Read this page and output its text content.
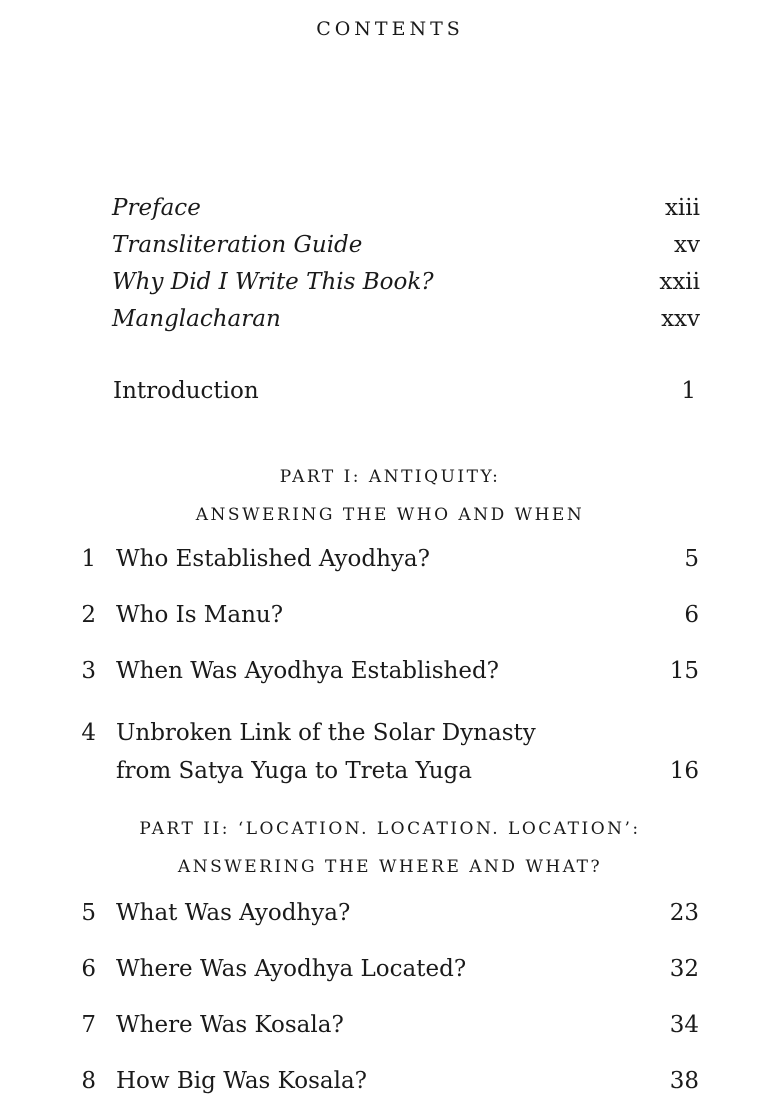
CONTENTS
Preface	xiii
Transliteration Guide	xv
Why Did I Write This Book?	xxii
Manglacharan	xxv
Introduction	1
PART I: ANTIQUITY:
ANSWERING THE WHO AND WHEN
1 Who Established Ayodhya?	5
2 Who Is Manu?	6
3 When Was Ayodhya Established?	15
4 Unbroken Link of the Solar Dynasty
from Satya Yuga to Treta Yuga	16
PART II: ‘LOCATION. LOCATION. LOCATION’:
ANSWERING THE WHERE AND WHAT?
5 What Was Ayodhya?	23
6 Where Was Ayodhya Located?	32
7 Where Was Kosala?	34
8 How Big Was Kosala?	38
